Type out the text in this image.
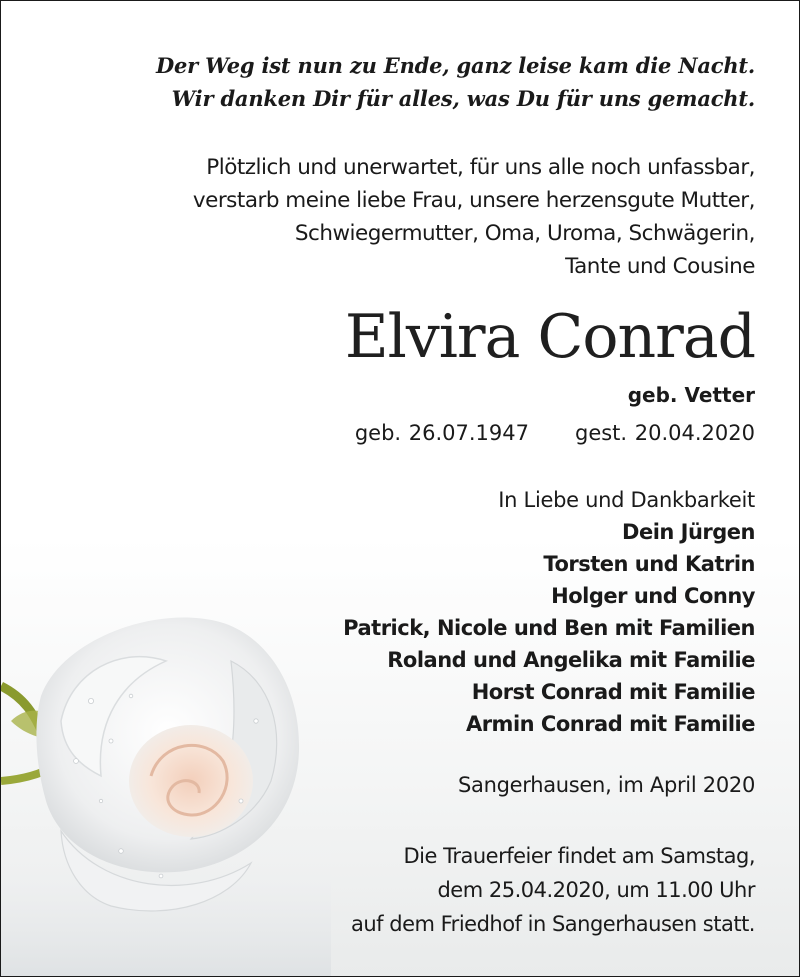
Der Weg ist nun zu Ende, ganz leise kam die Nacht.
Wir danken Dir für alles, was Du für uns gemacht.
Plötzlich und unerwartet, für uns alle noch unfassbar,
verstarb meine liebe Frau, unsere herzensgute Mutter,
Schwiegermutter, Oma, Uroma, Schwägerin,
Tante und Cousine
Elvira Conrad
geb. Vetter
geb. 26.07.1947 gest. 20.04.2020
In Liebe und Dankbarkeit
Dein Jürgen
Torsten und Katrin
Holger und Conny
Patrick, Nicole und Ben mit Familien
Roland und Angelika mit Familie
Horst Conrad mit Familie
Armin Conrad mit Familie
Sangerhausen, im April 2020
Die Trauerfeier findet am Samstag,
dem 25.04.2020, um 11.00 Uhr
auf dem Friedhof in Sangerhausen statt.
